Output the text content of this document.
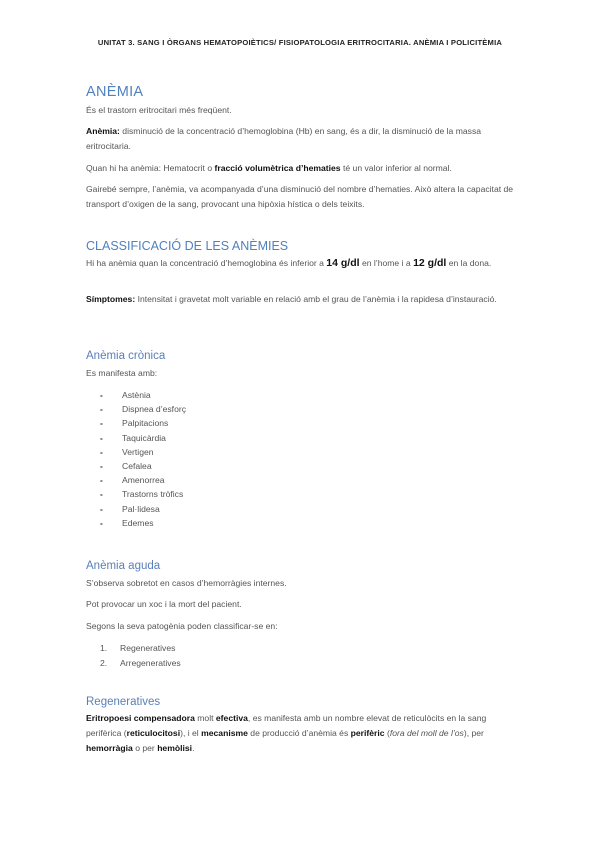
UNITAT 3. SANG I ÒRGANS HEMATOPOIÈTICS/ FISIOPATOLOGIA ERITROCITARIA. ANÈMIA I POLICITÈMIA
ANÈMIA

És el trastorn eritrocitari més freqüent.

Anèmia: disminució de la concentració d’hemoglobina (Hb) en sang, és a dir, la disminució de la massa eritrocitaria.

Quan hi ha anèmia: Hematocrit o fracció volumètrica d’hematies té un valor inferior al normal.

Gairebé sempre, l’anèmia, va acompanyada d’una disminució del nombre d’hematies. Això altera la capacitat de transport d’oxigen de la sang, provocant una hipòxia hística o dels teixits.

CLASSIFICACIÓ DE LES ANÈMIES

Hi ha anèmia quan la concentració d’hemoglobina és inferior a 14 g/dl en l’home i a 12 g/dl en la dona.

Símptomes: Intensitat i gravetat molt variable en relació amb el grau de l’anèmia i la rapidesa d’instauració.

Anèmia crònica

Es manifesta amb:

- Astènia
- Dispnea d’esforç
- Palpitacions
- Taquicàrdia
- Vertigen
- Cefalea
- Amenorrea
- Trastorns tròfics
- Pal·lidesa
- Edemes
Anèmia aguda

S’observa sobretot en casos d’hemorràgies internes.

Pot provocar un xoc i la mort del pacient.

Segons la seva patogènia poden classificar-se en:

1. Regeneratives
2. Arregeneratives
Regeneratives

Eritropoesi compensadora molt efectiva, es manifesta amb un nombre elevat de reticulòcits en la sang perifèrica (reticulocitosi), i el mecanisme de producció d’anèmia és perifèric (fora del moll de l’os), per hemorràgia o per hemòlisi.
